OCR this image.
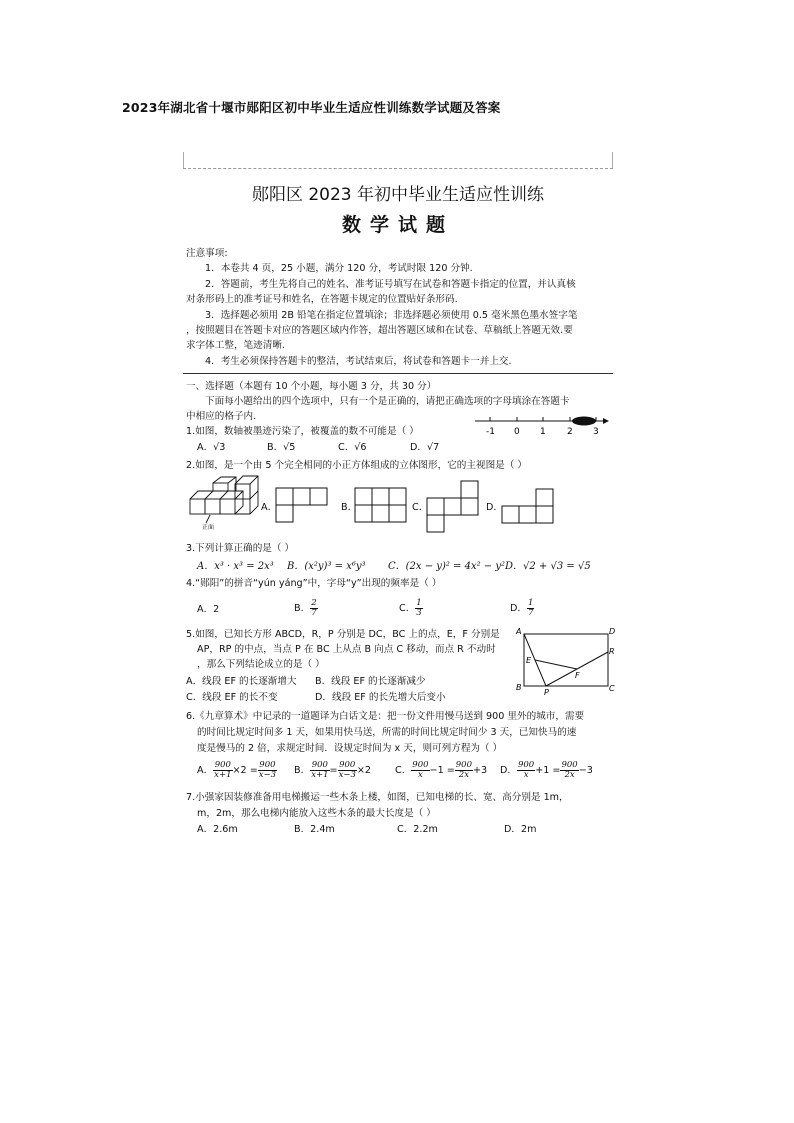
2023年湖北省十堰市郧阳区初中毕业生适应性训练数学试题及答案
郧阳区 2023 年初中毕业生适应性训练
数学试题
注意事项:
1．本卷共 4 页，25 小题，满分 120 分，考试时限 120 分钟.
2．答题前，考生先将自己的姓名、准考证号填写在试卷和答题卡指定的位置，并认真核
对条形码上的准考证号和姓名，在答题卡规定的位置贴好条形码.
3．选择题必须用 2B 铅笔在指定位置填涂；非选择题必须使用 0.5 毫米黑色墨水签字笔
，按照题目在答题卡对应的答题区域内作答，超出答题区域和在试卷、草稿纸上答题无效.要
求字体工整，笔迹清晰.
4．考生必须保持答题卡的整洁，考试结束后，将试卷和答题卡一并上交.
一、选择题（本题有 10 个小题，每小题 3 分，共 30 分）
下面每小题给出的四个选项中，只有一个是正确的，请把正确选项的字母填涂在答题卡
中相应的格子内.
1.如图，数轴被墨迹污染了，被覆盖的数不可能是（ ）
A．√3	B．√5	C．√6	D．√7
-1 0 1 2 3
2.如图，是一个由 5 个完全相同的小正方体组成的立体图形，它的主视图是（ ）
正面
A．	B．	C．	D．
3.下列计算正确的是（ ）
A．x³ · x³ = 2x³ B．(x²y)³ = x⁶y³ C．(2x − y)² = 4x² − y² D．√2 + √3 = √5
4.“郧阳”的拼音“yún yáng”中，字母“y”出现的频率是（ ）
A．2	B． $\frac{2}{7}$	C． $\frac{1}{3}$	D． $\frac{1}{7}$
5.如图，已知长方形 ABCD，R，P 分别是 DC，BC 上的点，E，F 分别是
AP，RP 的中点，当点 P 在 BC 上从点 B 向点 C 移动，而点 R 不动时
，那么下列结论成立的是（ ）
A．线段 EF 的长逐渐增大 B．线段 EF 的长逐渐减少
C．线段 EF 的长不变	D．线段 EF 的长先增大后变小
A	D
B	C
E
F
P
R
6.《九章算术》中记录的一道题译为白话文是：把一份文件用慢马送到 900 里外的城市，需要
的时间比规定时间多 1 天，如果用快马送，所需的时间比规定时间少 3 天，已知快马的速
度是慢马的 2 倍，求规定时间．设规定时间为 x 天，则可列方程为（ ）
A． $\frac{900}{x+1} \times 2 = \frac{900}{x-3}$ B． $\frac{900}{x+1} = \frac{900}{x-3} \times 2$ C． $\frac{900}{x} -1 = \frac{900}{2x} +3$ D． $\frac{900}{x} +1 = \frac{900}{2x} -3$
7.小强家因装修准备用电梯搬运一些木条上楼，如图，已知电梯的长、宽、高分别是 1m，
m，2m，那么电梯内能放入这些木条的最大长度是（ ）
A．2.6m	B．2.4m	C．2.2m	D．2m
